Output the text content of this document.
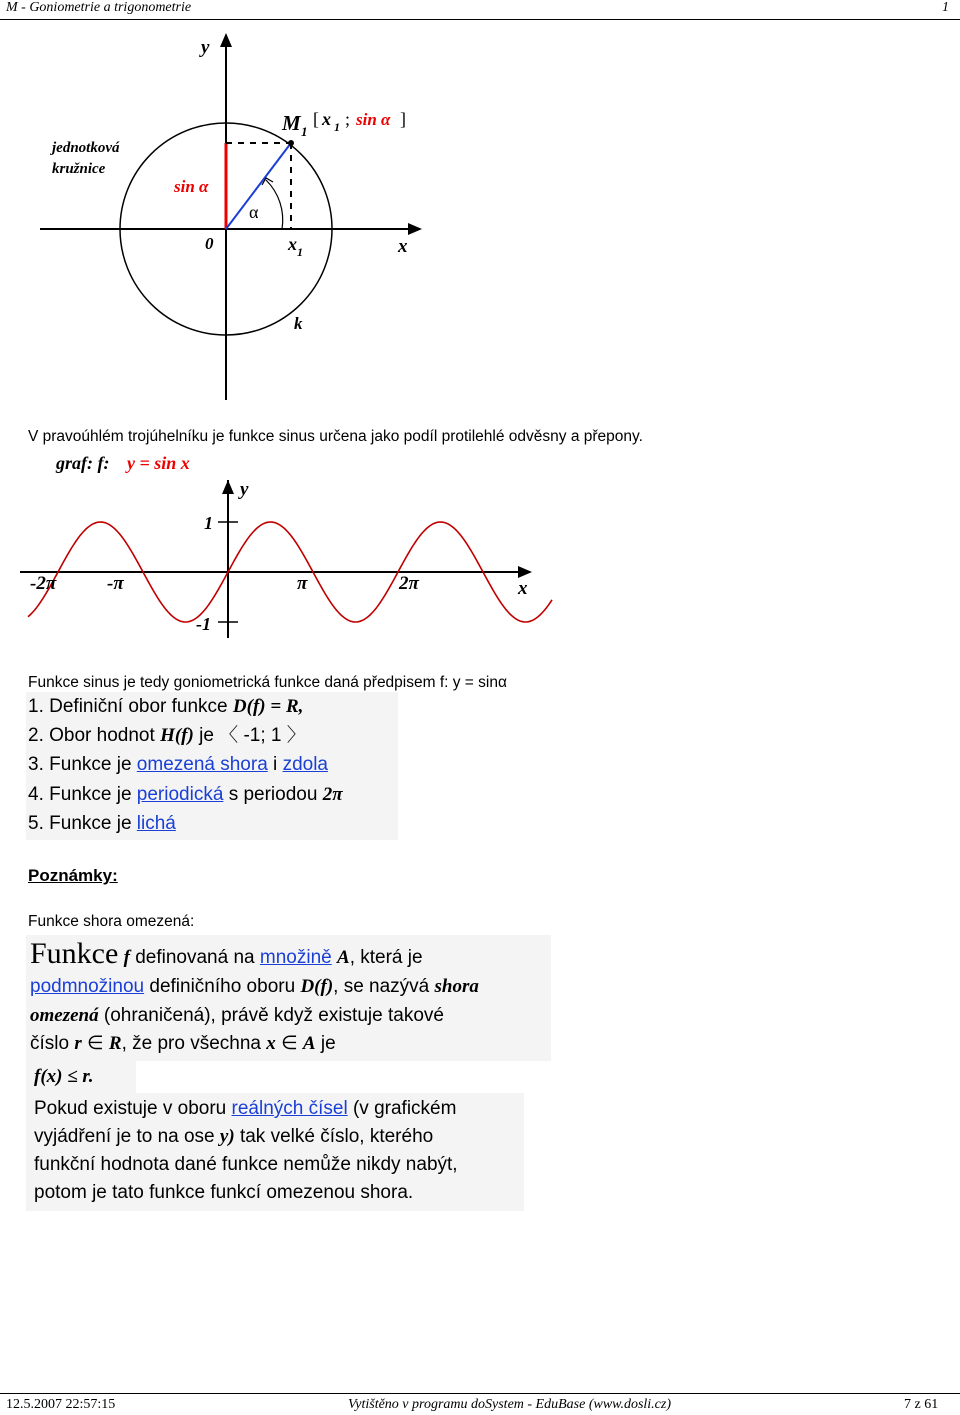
M - Goniometrie a trigonometrie	1
y
x
0
jednotková
kružnice
sin α
α
M 1
[ x 1 ; sin α ]
x 1
k
V pravoúhlém trojúhelníku je funkce sinus určena jako podíl protilehlé odvěsny a přepony.
graf: f: y = sin x
y
x
1
-1
-2π	-π	π	2π
Funkce sinus je tedy goniometrická funkce daná předpisem f: y = sinα
1. Definiční obor funkce D(f) = R,
2. Obor hodnot H(f) je 〈 -1; 1 〉
3. Funkce je omezená shora i zdola
4. Funkce je periodická s periodou 2π
5. Funkce je lichá
Poznámky:
Funkce shora omezená:
Funkce f definovaná na množině A, která je
podmnožinou definičního oboru D(f), se nazývá shora
omezená (ohraničená), právě když existuje takové
číslo r ∈ R, že pro všechna x ∈ A je
f(x) ≤ r.
Pokud existuje v oboru reálných čísel (v grafickém
vyjádření je to na ose y) tak velké číslo, kterého
funkční hodnota dané funkce nemůže nikdy nabýt,
potom je tato funkce funkcí omezenou shora.
12.5.2007 22:57:15	Vytištěno v programu doSystem - EduBase (www.dosli.cz)	7 z 61
